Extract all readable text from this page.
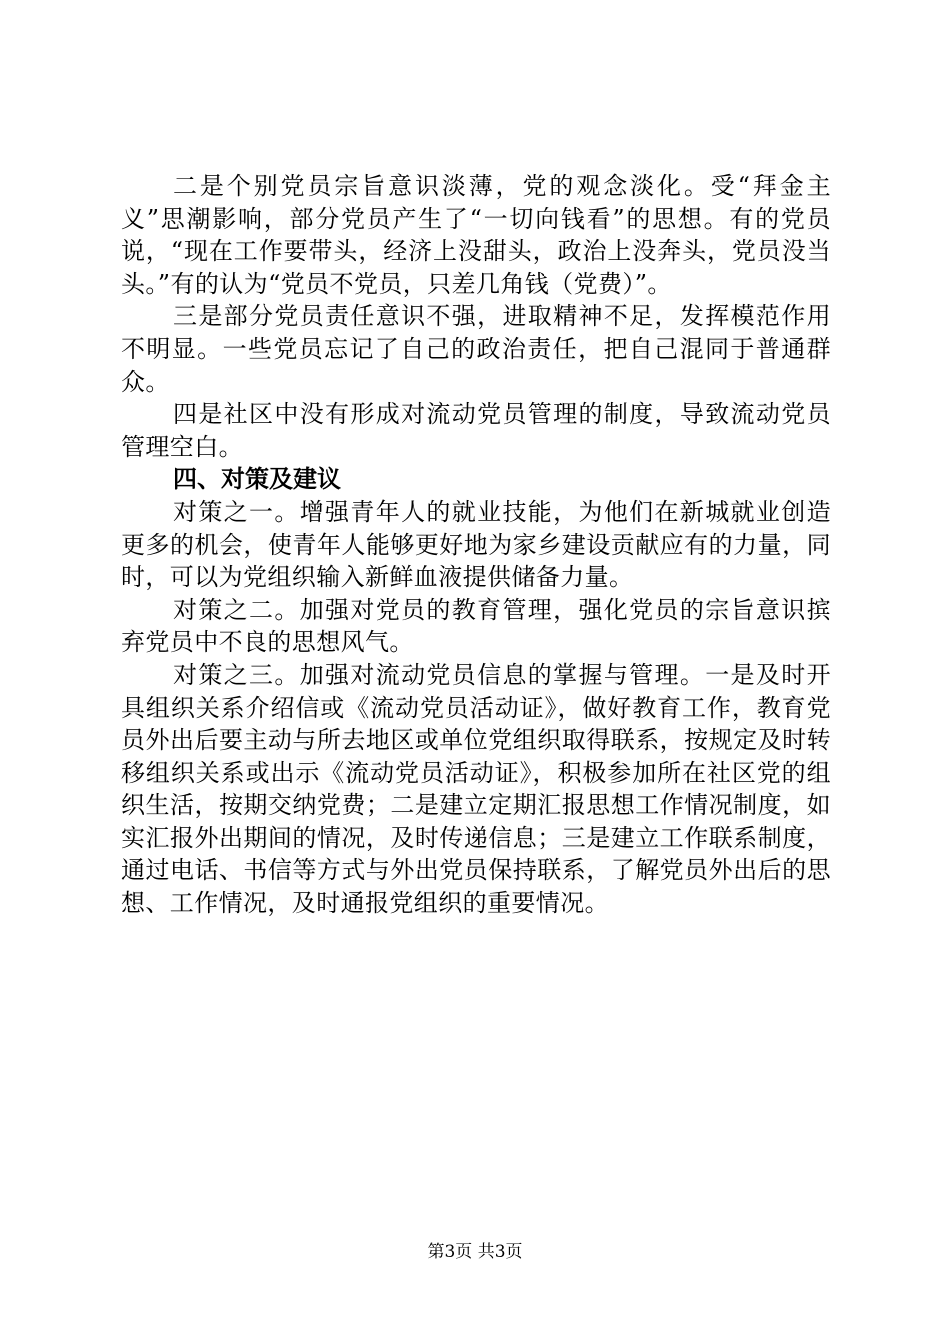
二是个别党员宗旨意识淡薄，党的观念淡化。受“拜金主义”思潮影响，部分党员产生了“一切向钱看”的思想。有的党员说，“现在工作要带头，经济上没甜头，政治上没奔头，党员没当头。”有的认为“党员不党员，只差几角钱（党费）”。

三是部分党员责任意识不强，进取精神不足，发挥模范作用不明显。一些党员忘记了自己的政治责任，把自己混同于普通群众。

四是社区中没有形成对流动党员管理的制度，导致流动党员管理空白。

四、对策及建议

对策之一。增强青年人的就业技能，为他们在新城就业创造更多的机会，使青年人能够更好地为家乡建设贡献应有的力量，同时，可以为党组织输入新鲜血液提供储备力量。

对策之二。加强对党员的教育管理，强化党员的宗旨意识摈弃党员中不良的思想风气。

对策之三。加强对流动党员信息的掌握与管理。一是及时开具组织关系介绍信或《流动党员活动证》，做好教育工作，教育党员外出后要主动与所去地区或单位党组织取得联系，按规定及时转移组织关系或出示《流动党员活动证》，积极参加所在社区党的组织生活，按期交纳党费；二是建立定期汇报思想工作情况制度，如实汇报外出期间的情况，及时传递信息；三是建立工作联系制度，通过电话、书信等方式与外出党员保持联系，了解党员外出后的思想、工作情况，及时通报党组织的重要情况。

第3页 共3页
